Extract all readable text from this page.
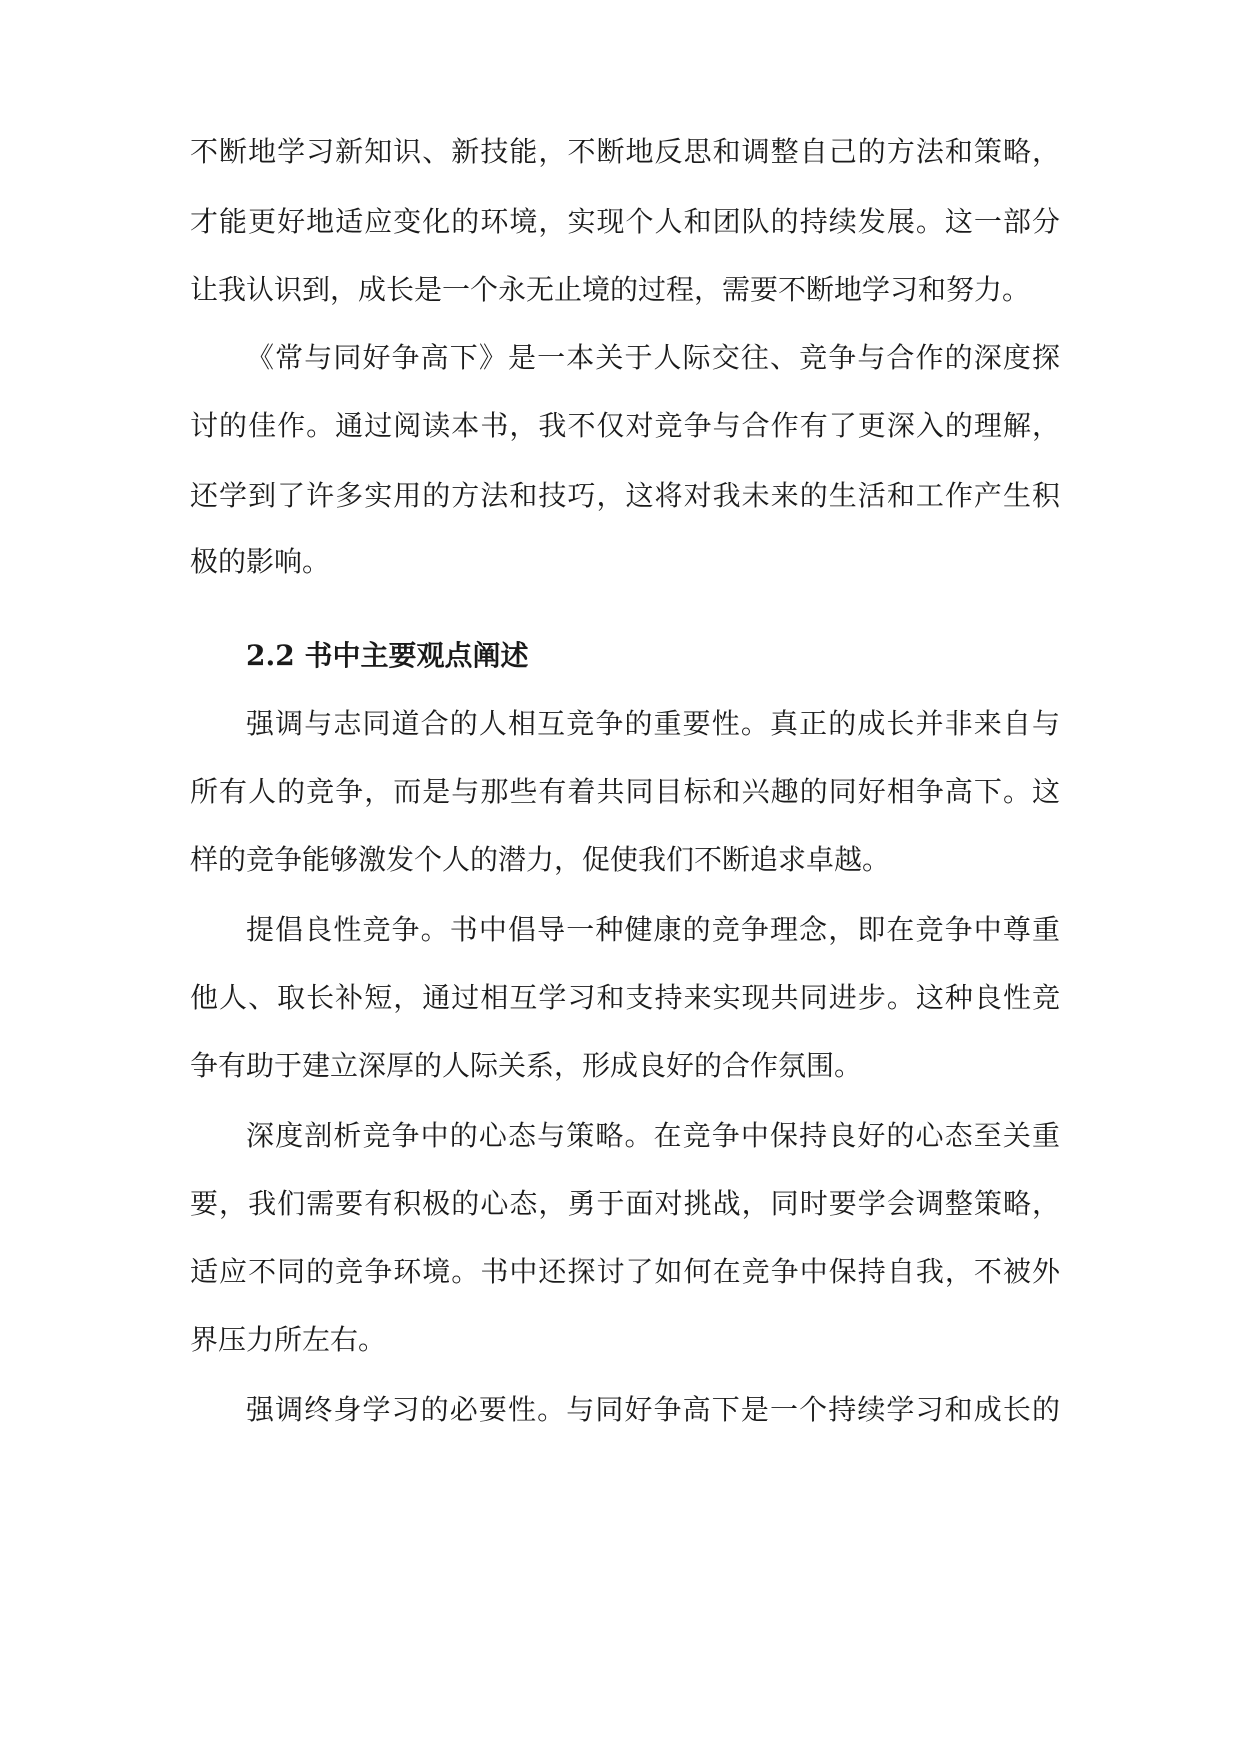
不断地学习新知识、新技能，不断地反思和调整自己的方法和策略，

才能更好地适应变化的环境，实现个人和团队的持续发展。这一部分

让我认识到，成长是一个永无止境的过程，需要不断地学习和努力。

《常与同好争高下》是一本关于人际交往、竞争与合作的深度探

讨的佳作。通过阅读本书，我不仅对竞争与合作有了更深入的理解，

还学到了许多实用的方法和技巧，这将对我未来的生活和工作产生积

极的影响。

2.2 书中主要观点阐述

强调与志同道合的人相互竞争的重要性。真正的成长并非来自与

所有人的竞争，而是与那些有着共同目标和兴趣的同好相争高下。这

样的竞争能够激发个人的潜力，促使我们不断追求卓越。

提倡良性竞争。书中倡导一种健康的竞争理念，即在竞争中尊重

他人、取长补短，通过相互学习和支持来实现共同进步。这种良性竞

争有助于建立深厚的人际关系，形成良好的合作氛围。

深度剖析竞争中的心态与策略。在竞争中保持良好的心态至关重

要，我们需要有积极的心态，勇于面对挑战，同时要学会调整策略，

适应不同的竞争环境。书中还探讨了如何在竞争中保持自我，不被外

界压力所左右。

强调终身学习的必要性。与同好争高下是一个持续学习和成长的
